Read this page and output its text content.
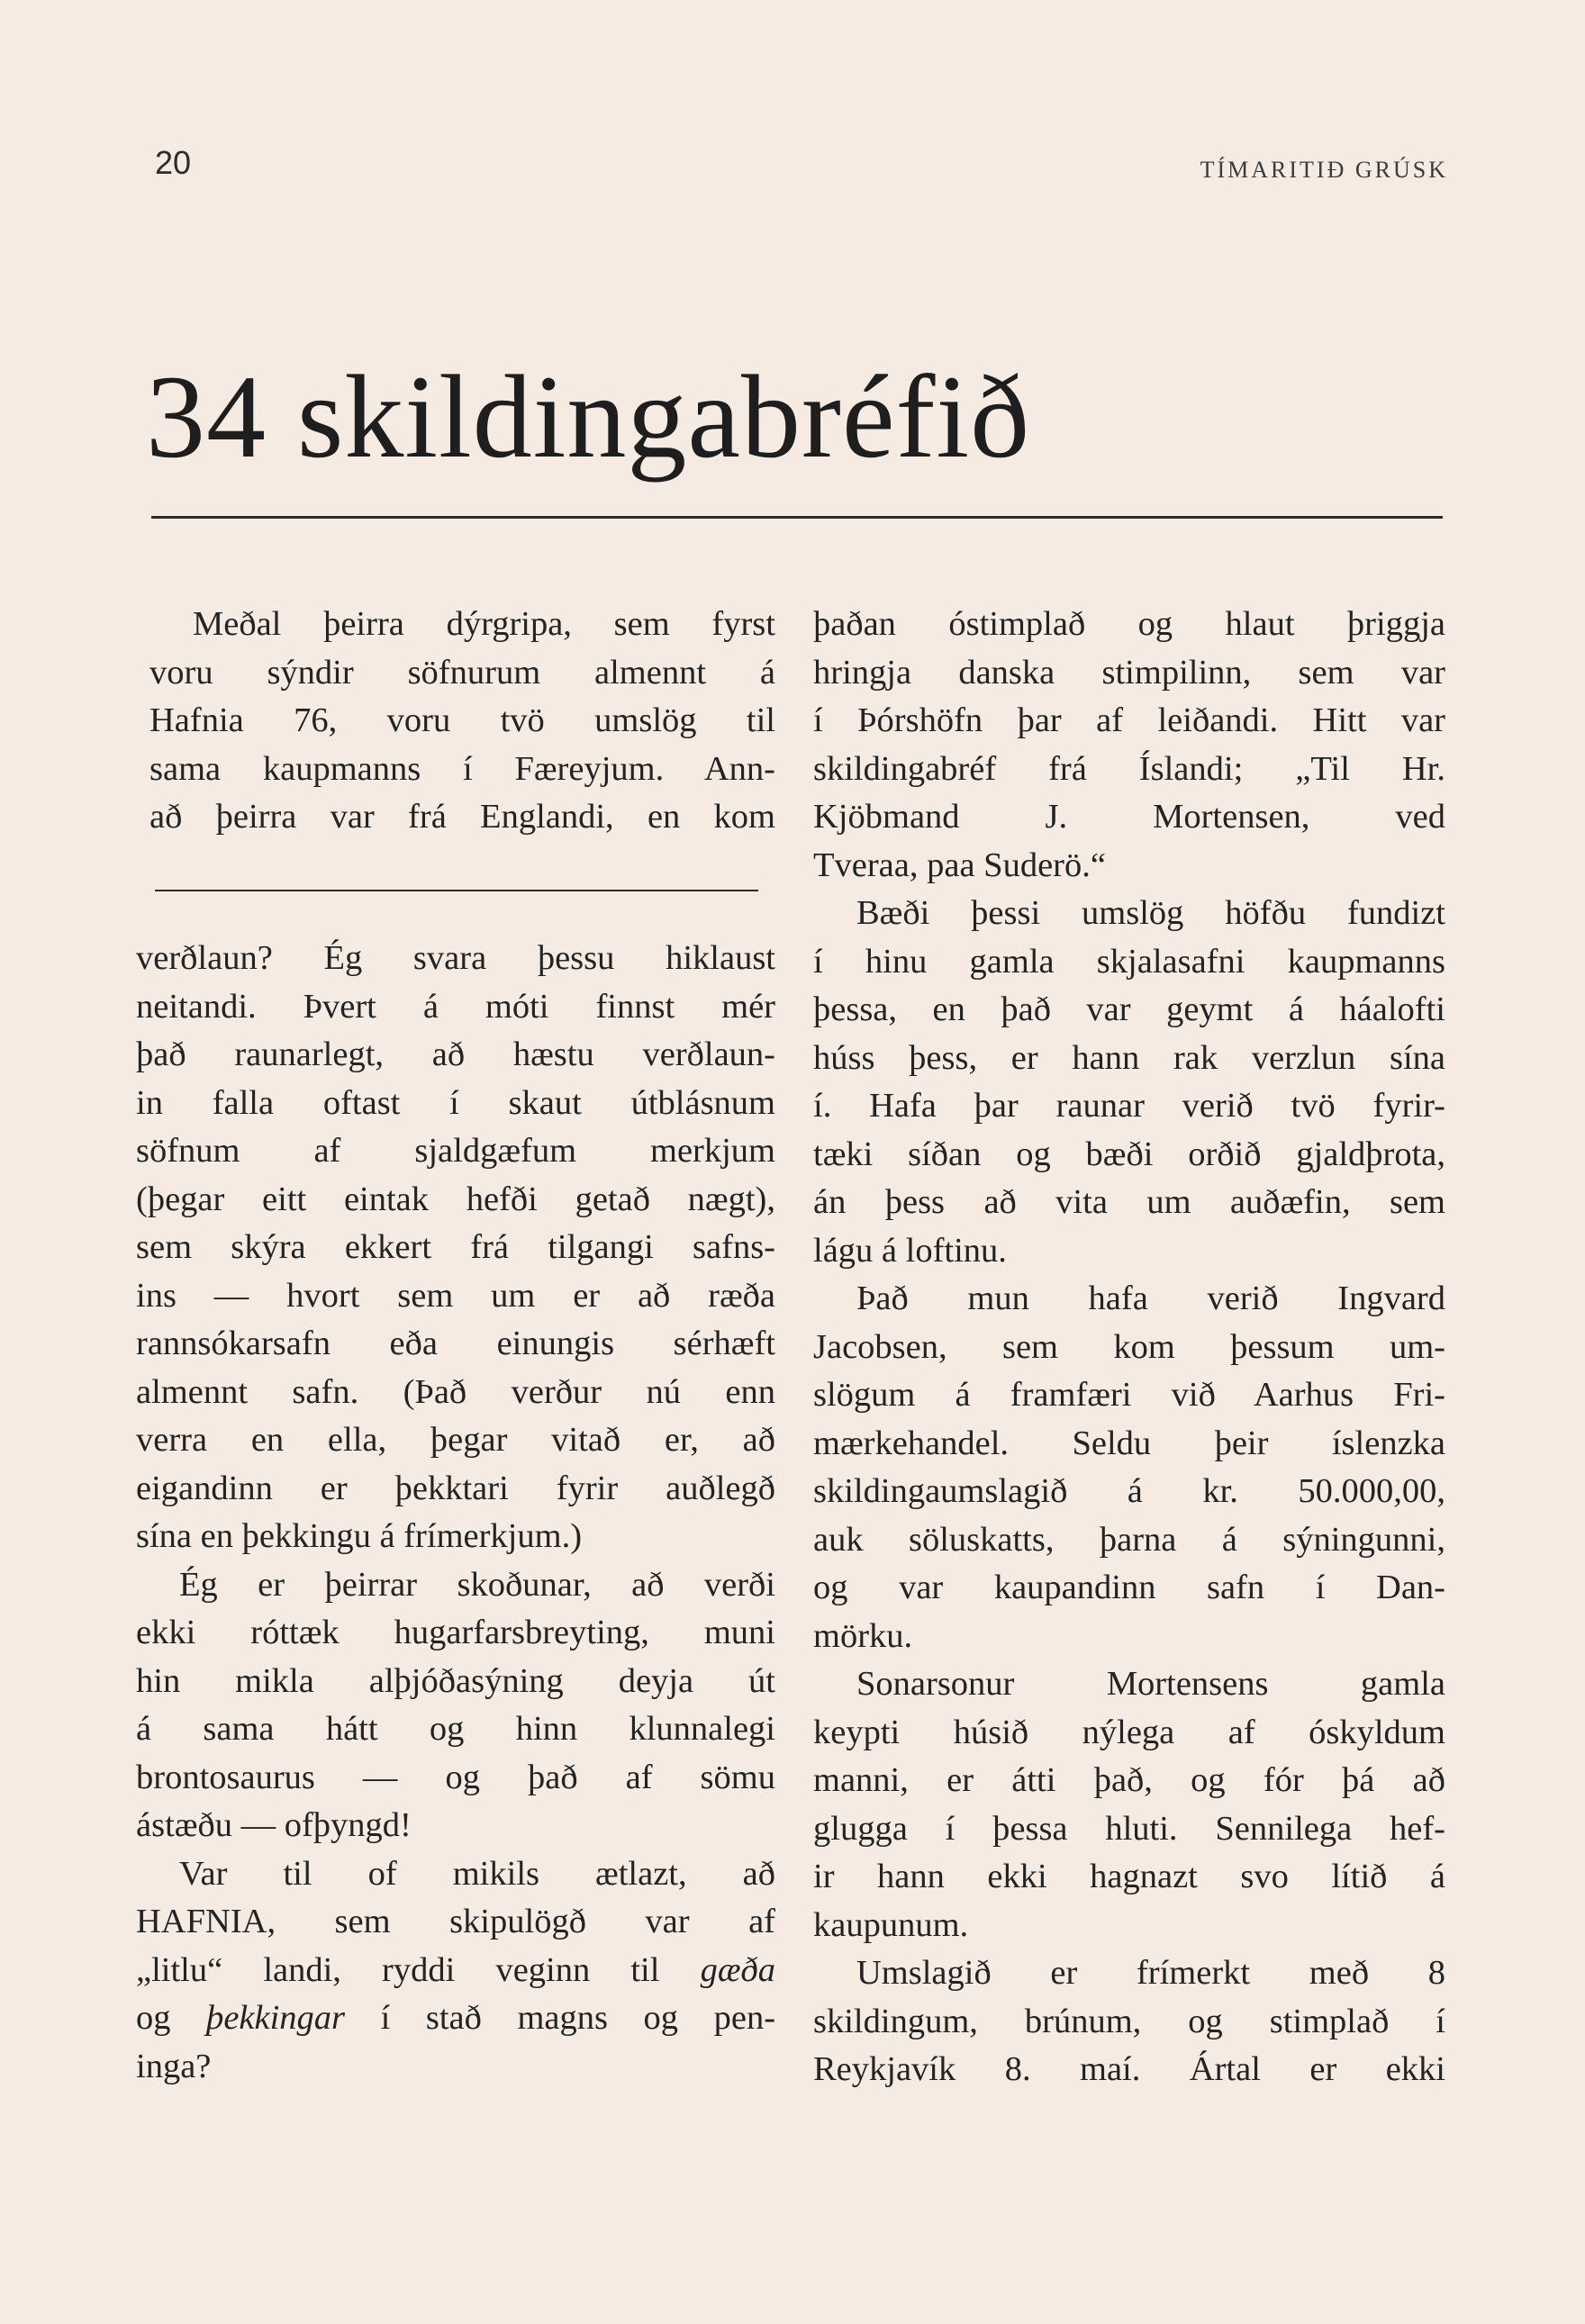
20	TÍMARITIÐ GRÚSK
34 skildingabréfið
Meðal þeirra dýrgripa, sem fyrst
voru sýndir söfnurum almennt á
Hafnia 76, voru tvö umslög til
sama kaupmanns í Færeyjum. Ann-
að þeirra var frá Englandi, en kom
verðlaun? Ég svara þessu hiklaust
neitandi. Þvert á móti finnst mér
það raunarlegt, að hæstu verðlaun-
in falla oftast í skaut útblásnum
söfnum af sjaldgæfum merkjum
(þegar eitt eintak hefði getað nægt),
sem skýra ekkert frá tilgangi safns-
ins — hvort sem um er að ræða
rannsókarsafn eða einungis sérhæft
almennt safn. (Það verður nú enn
verra en ella, þegar vitað er, að
eigandinn er þekktari fyrir auðlegð
sína en þekkingu á frímerkjum.)
Ég er þeirrar skoðunar, að verði
ekki róttæk hugarfarsbreyting, muni
hin mikla alþjóðasýning deyja út
á sama hátt og hinn klunnalegi
brontosaurus — og það af sömu
ástæðu — ofþyngd!
Var til of mikils ætlazt, að
HAFNIA, sem skipulögð var af
„litlu“ landi, ryddi veginn til gæða
og þekkingar í stað magns og pen-
inga?
þaðan óstimplað og hlaut þriggja
hringja danska stimpilinn, sem var
í Þórshöfn þar af leiðandi. Hitt var
skildingabréf frá Íslandi; „Til Hr.
Kjöbmand J. Mortensen, ved
Tveraa, paa Suderö.“
Bæði þessi umslög höfðu fundizt
í hinu gamla skjalasafni kaupmanns
þessa, en það var geymt á háalofti
húss þess, er hann rak verzlun sína
í. Hafa þar raunar verið tvö fyrir-
tæki síðan og bæði orðið gjaldþrota,
án þess að vita um auðæfin, sem
lágu á loftinu.
Það mun hafa verið Ingvard
Jacobsen, sem kom þessum um-
slögum á framfæri við Aarhus Fri-
mærkehandel. Seldu þeir íslenzka
skildingaumslagið á kr. 50.000,00,
auk söluskatts, þarna á sýningunni,
og var kaupandinn safn í Dan-
mörku.
Sonarsonur Mortensens gamla
keypti húsið nýlega af óskyldum
manni, er átti það, og fór þá að
glugga í þessa hluti. Sennilega hef-
ir hann ekki hagnazt svo lítið á
kaupunum.
Umslagið er frímerkt með 8
skildingum, brúnum, og stimplað í
Reykjavík 8. maí. Ártal er ekki
